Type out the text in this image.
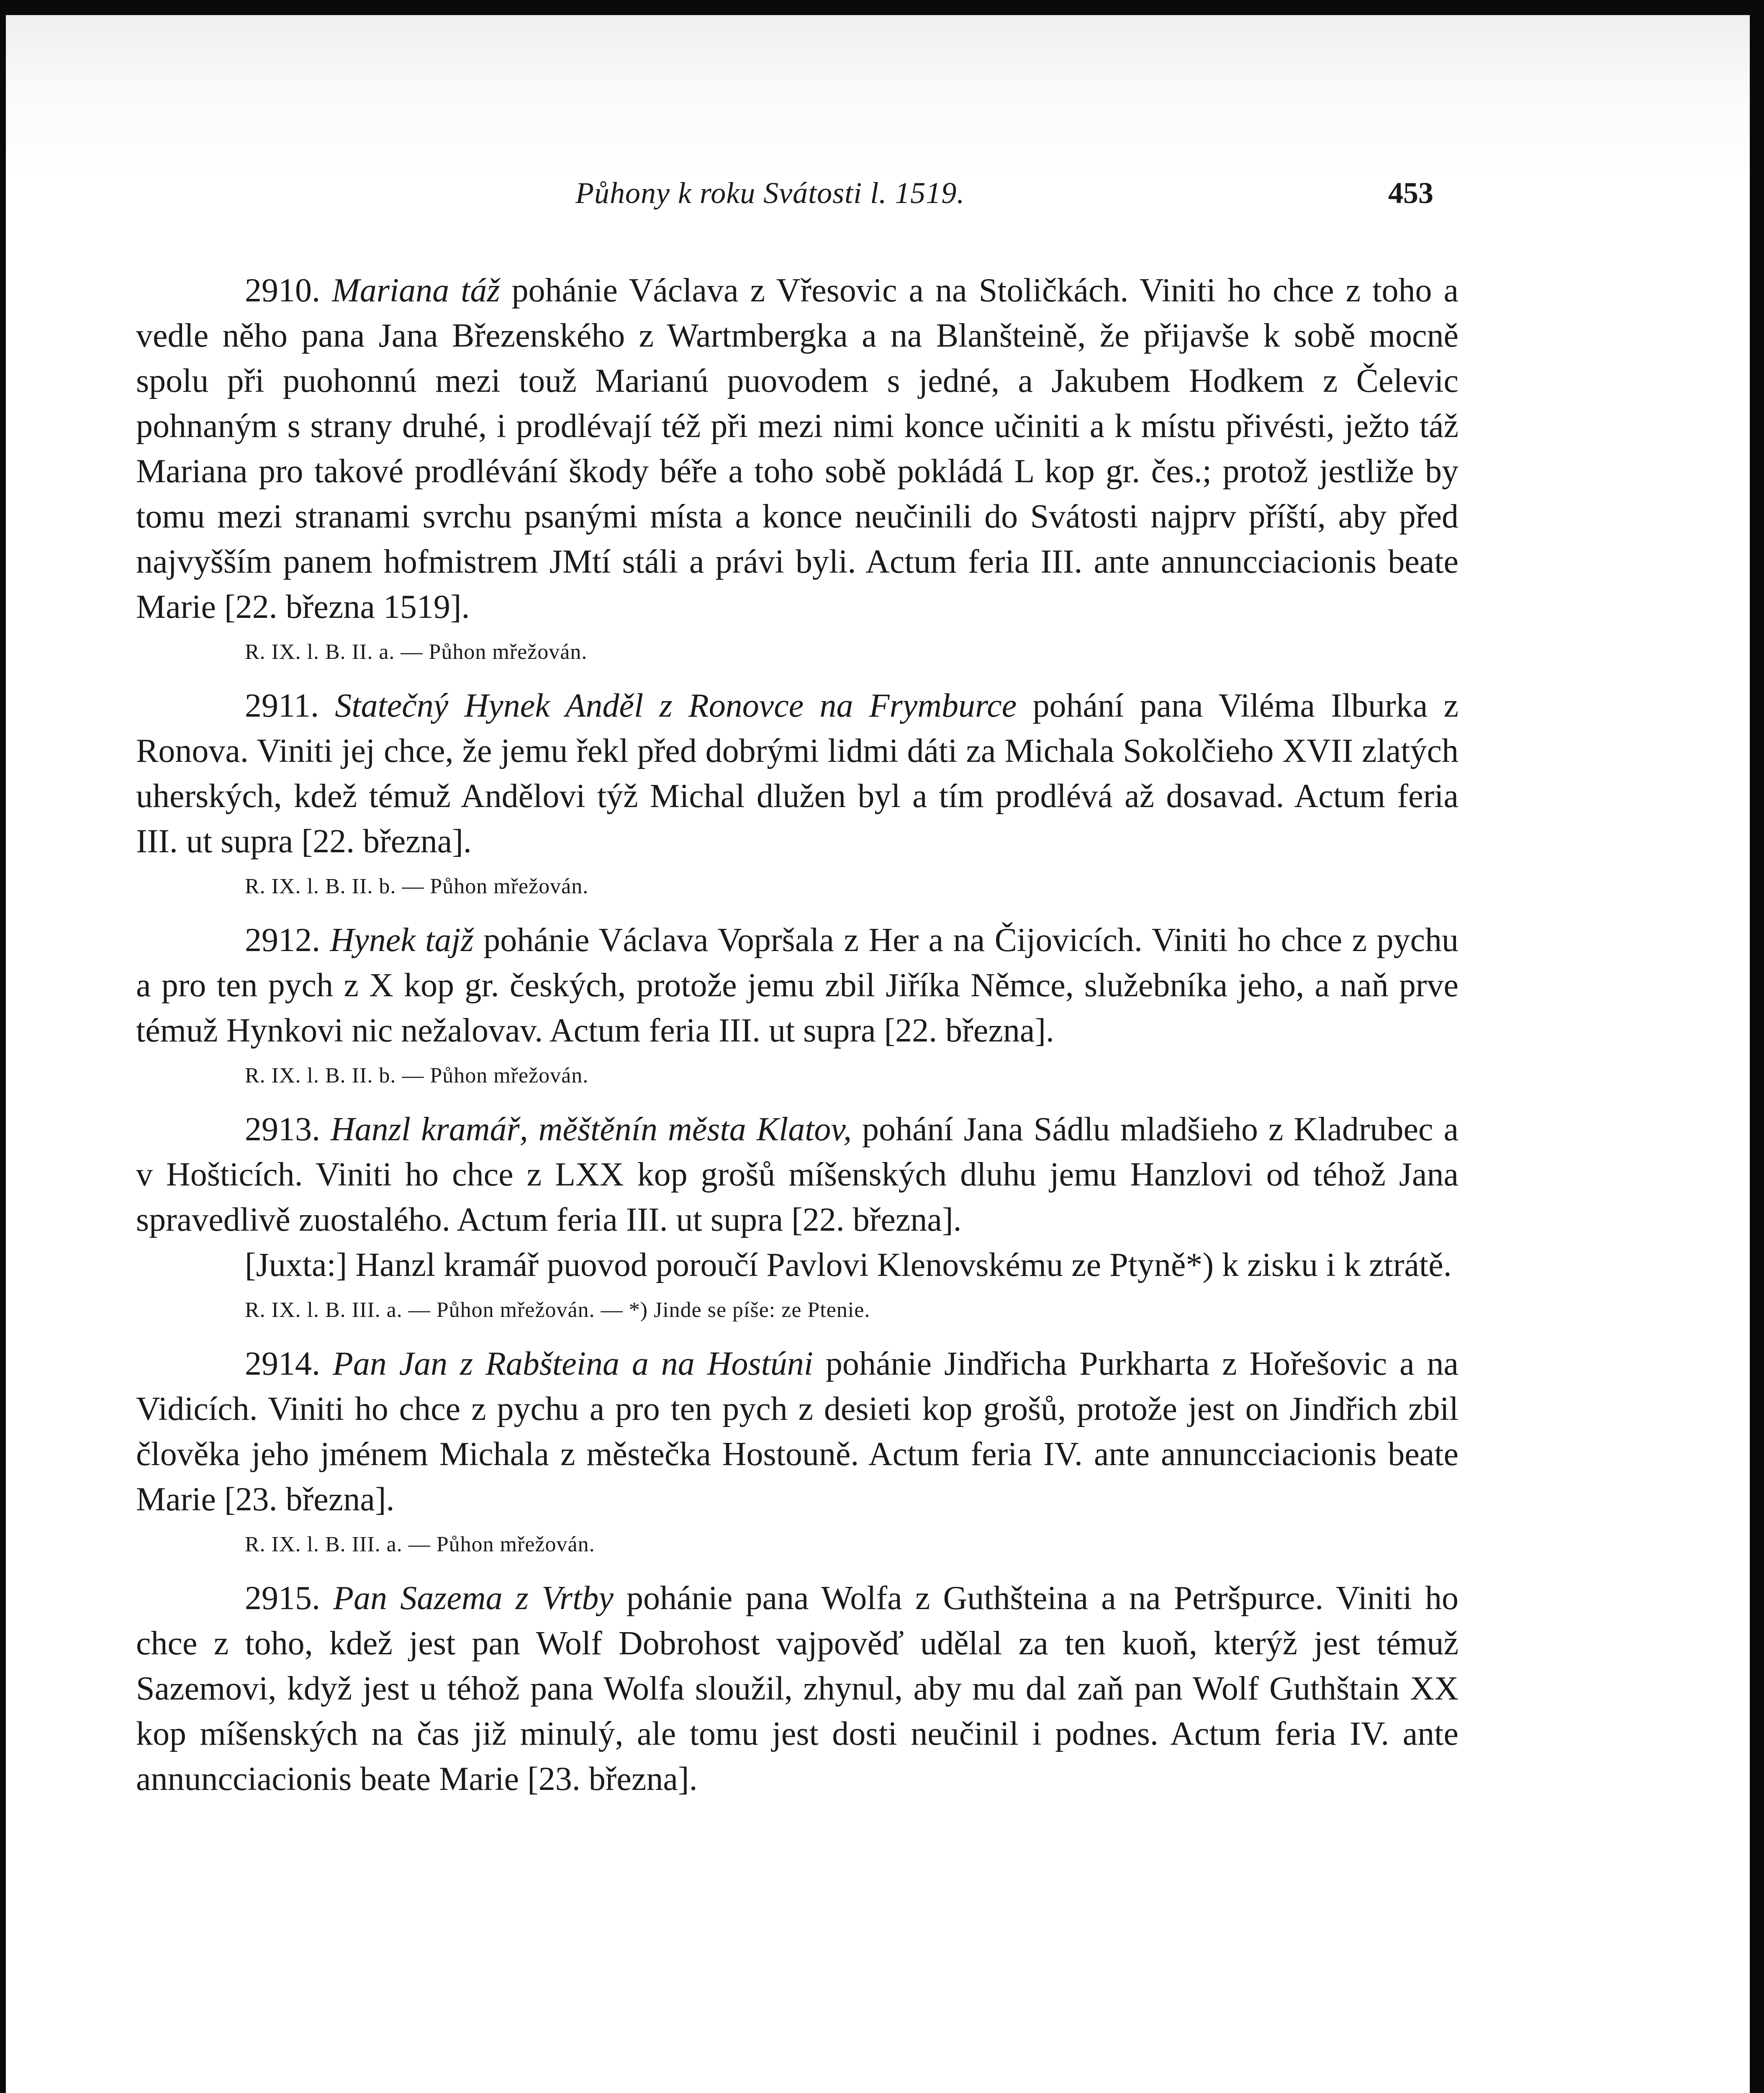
Půhony k roku Svátosti l. 1519.	453

2910. Mariana táž pohánie Václava z Vřesovic a na Stoličkách. Viniti ho chce z toho a vedle něho pana Jana Březenského z Wartmbergka a na Blanšteině, že přijavše k sobě mocně spolu při puohonnú mezi touž Marianú puovodem s jedné, a Jakubem Hodkem z Čelevic pohnaným s strany druhé, i prodlévají též při mezi nimi konce učiniti a k místu přivésti, ježto táž Mariana pro takové prodlévání škody béře a toho sobě pokládá L kop gr. čes.; protož jestliže by tomu mezi stranami svrchu psanými místa a konce neučinili do Svátosti najprv příští, aby před najvyšším panem hofmistrem JMtí stáli a právi byli. Actum feria III. ante annuncciacionis beate Marie [22. března 1519].

R. IX. l. B. II. a. — Půhon mřežován.

2911. Statečný Hynek Anděl z Ronovce na Frymburce pohání pana Viléma Ilburka z Ronova. Viniti jej chce, že jemu řekl před dobrými lidmi dáti za Michala Sokolčieho XVII zlatých uherských, kdež témuž Andělovi týž Michal dlužen byl a tím prodlévá až dosavad. Actum feria III. ut supra [22. března].

R. IX. l. B. II. b. — Půhon mřežován.

2912. Hynek tajž pohánie Václava Vopršala z Her a na Čijovicích. Viniti ho chce z pychu a pro ten pych z X kop gr. českých, protože jemu zbil Jiříka Němce, služebníka jeho, a naň prve témuž Hynkovi nic nežalovav. Actum feria III. ut supra [22. března].

R. IX. l. B. II. b. — Půhon mřežován.

2913. Hanzl kramář, měštěnín města Klatov, pohání Jana Sádlu mladšieho z Kladrubec a v Hošticích. Viniti ho chce z LXX kop grošů míšenských dluhu jemu Hanzlovi od téhož Jana spravedlivě zuostalého. Actum feria III. ut supra [22. března].

[Juxta:] Hanzl kramář puovod poroučí Pavlovi Klenovskému ze Ptyně*) k zisku i k ztrátě.

R. IX. l. B. III. a. — Půhon mřežován. — *) Jinde se píše: ze Ptenie.

2914. Pan Jan z Rabšteina a na Hostúni pohánie Jindřicha Purkharta z Hořešovic a na Vidicích. Viniti ho chce z pychu a pro ten pych z desieti kop grošů, protože jest on Jindřich zbil člověka jeho jménem Michala z městečka Hostouně. Actum feria IV. ante annuncciacionis beate Marie [23. března].

R. IX. l. B. III. a. — Půhon mřežován.

2915. Pan Sazema z Vrtby pohánie pana Wolfa z Guthšteina a na Petršpurce. Viniti ho chce z toho, kdež jest pan Wolf Dobrohost vajpověď udělal za ten kuoň, kterýž jest témuž Sazemovi, když jest u téhož pana Wolfa sloužil, zhynul, aby mu dal zaň pan Wolf Guthštain XX kop míšenských na čas již minulý, ale tomu jest dosti neučinil i podnes. Actum feria IV. ante annuncciacionis beate Marie [23. března].
